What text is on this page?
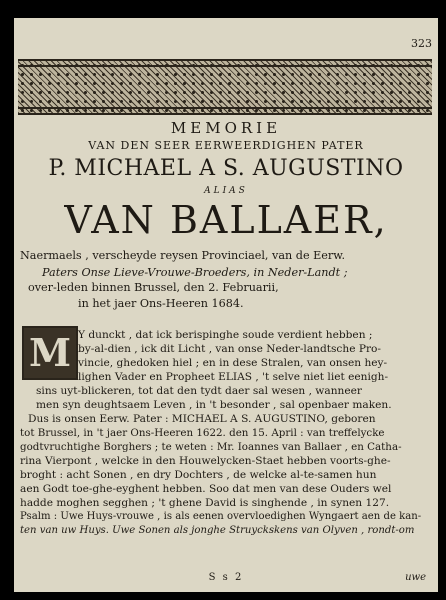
323
MEMORIE
VAN DEN SEER EERWEERDIGHEN PATER
P. MICHAEL A S. AUGUSTINO
ALIAS
VAN BALLAER,
Naermaels , verscheyde reysen Provinciael, van de Eerw.
Paters Onse Lieve-Vrouwe-Broeders, in Neder-Landt ;
over-leden binnen Brussel, den 2. Februarii,
in het jaer Ons-Heeren 1684.
M Y dunckt , dat ick berispinghe soude verdient hebben ;
by-al-dien , ick dit Licht , van onse Neder-landtsche Pro-
vincie, ghedoken hiel ; en in dese Stralen, van onsen hey-
lighen Vader en Propheet ELIAS , 't selve niet liet eenigh-
sins uyt-blickeren, tot dat den tydt daer sal wesen , wanneer
men syn deughtsaem Leven , in 't besonder , sal openbaer maken.
Dus is onsen Eerw. Pater : MICHAEL A S. AUGUSTINO, geboren
tot Brussel, in 't jaer Ons-Heeren 1622. den 15. April : van treffelycke
godtvruchtighe Borghers ; te weten : Mr. Ioannes van Ballaer , en Catha-
rina Vierpont , welcke in den Houwelycken-Staet hebben voorts-ghe-
broght : acht Sonen , en dry Dochters , de welcke al-te-samen hun
aen Godt toe-ghe-eyghent hebben. Soo dat men van dese Ouders wel
hadde moghen segghen ; 't ghene David is singhende , in synen 127.
Psalm : Uwe Huys-vrouwe , is als eenen overvloedighen Wyngaert aen de kan-
ten van uw Huys. Uwe Sonen als jonghe Struyckskens van Olyven , rondt-om
S s 2	uwe
